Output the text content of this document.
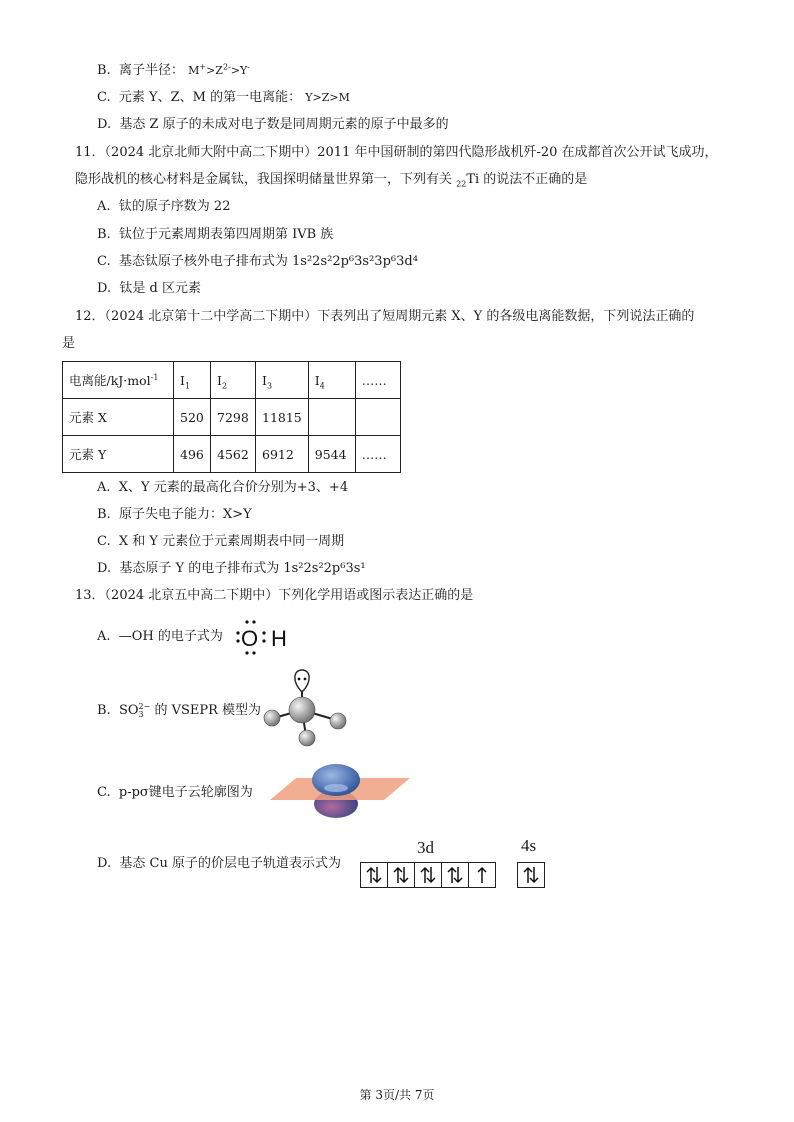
B. 离子半径： $M^+>Z^{2-}>Y^-$
C. 元素 Y、Z、M 的第一电离能： Y>Z>M
D. 基态 Z 原子的未成对电子数是同周期元素的原子中最多的
11．（2024 北京北师大附中高二下期中）2011 年中国研制的第四代隐形战机歼-20 在成都首次公开试飞成功，
隐形战机的核心材料是金属钛，我国探明储量世界第一，下列有关 $_{22}$Ti 的说法不正确的是
A. 钛的原子序数为 22
B. 钛位于元素周期表第四周期第 IVB 族
C. 基态钛原子核外电子排布式为 1s²2s²2p⁶3s²3p⁶3d⁴
D. 钛是 d 区元素
12．（2024 北京第十二中学高二下期中）下表列出了短周期元素 X、Y 的各级电离能数据，下列说法正确的
是
电离能/kJ·mol$^{-1}$	$I_1$	$I_2$	$I_3$	$I_4$	……
元素 X	520	7298	11815		
元素 Y	496	4562	6912	9544	……
A. X、Y 元素的最高化合价分别为+3、+4
B. 原子失电子能力：X>Y
C. X 和 Y 元素位于元素周期表中同一周期
D. 基态原子 Y 的电子排布式为 1s²2s²2p⁶3s¹
13．（2024 北京五中高二下期中）下列化学用语或图示表达正确的是
A. —OH 的电子式为 O H
B. SO 2−
3 的 VSEPR 模型为
C. p-pσ键电子云轮廓图为
D. 基态 Cu 原子的价层电子轨道表示式为
3d	4s
第 3页/共 7页
